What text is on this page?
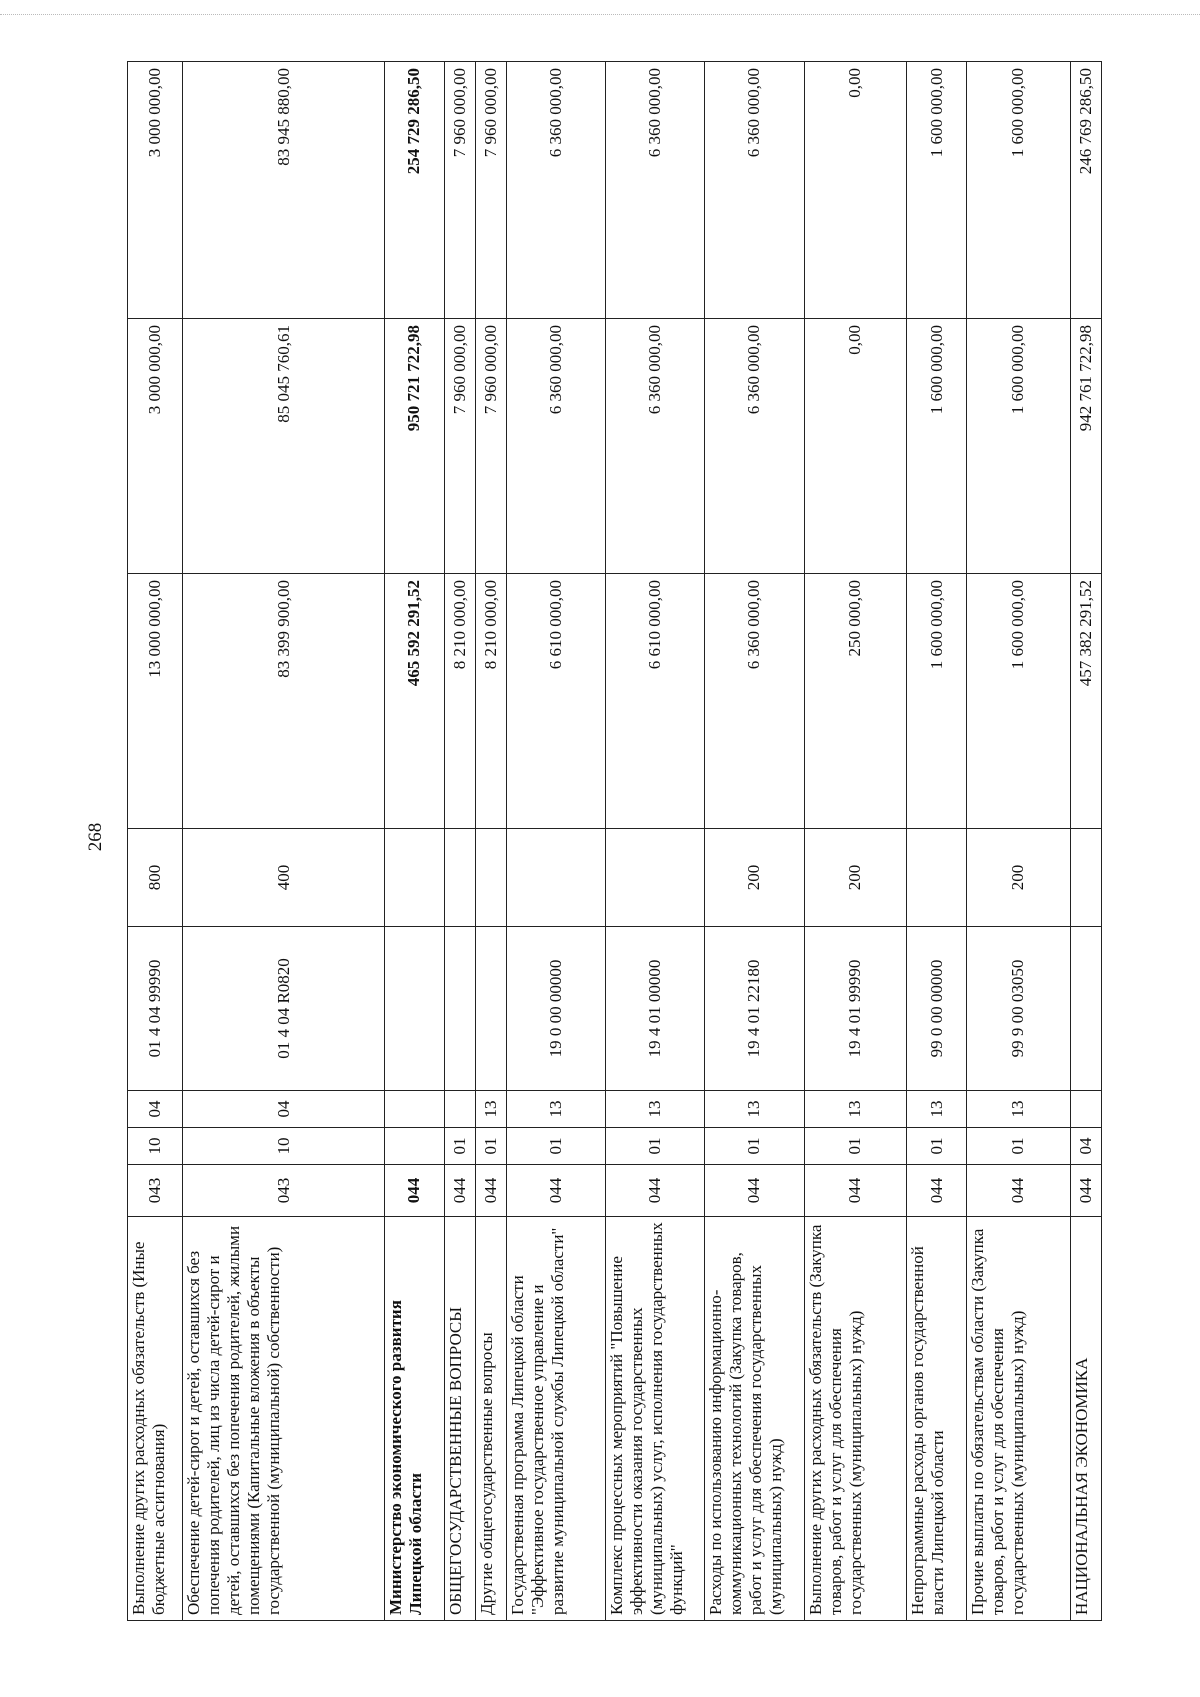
268
Выполнение других расходных обязательств (Иные бюджетные ассигнования)	043	10	04	01 4 04 99990	800	13 000 000,00	3 000 000,00	3 000 000,00
Обеспечение детей-сирот и детей, оставшихся без попечения родителей, лиц из числа детей-сирот и детей, оставшихся без попечения родителей, жилыми помещениями (Капитальные вложения в объекты государственной (муниципальной) собственности)	043	10	04	01 4 04 R0820	400	83 399 900,00	85 045 760,61	83 945 880,00
Министерство экономического развития Липецкой области	044					465 592 291,52	950 721 722,98	254 729 286,50
ОБЩЕГОСУДАРСТВЕННЫЕ ВОПРОСЫ	044	01				8 210 000,00	7 960 000,00	7 960 000,00
Другие общегосударственные вопросы	044	01	13			8 210 000,00	7 960 000,00	7 960 000,00
Государственная программа Липецкой области "Эффективное государственное управление и развитие муниципальной службы Липецкой области"	044	01	13	19 0 00 00000		6 610 000,00	6 360 000,00	6 360 000,00
Комплекс процессных мероприятий "Повышение эффективности оказания государственных (муниципальных) услуг, исполнения государственных функций"	044	01	13	19 4 01 00000		6 610 000,00	6 360 000,00	6 360 000,00
Расходы по использованию информационно-коммуникационных технологий (Закупка товаров, работ и услуг для обеспечения государственных (муниципальных) нужд)	044	01	13	19 4 01 22180	200	6 360 000,00	6 360 000,00	6 360 000,00
Выполнение других расходных обязательств (Закупка товаров, работ и услуг для обеспечения государственных (муниципальных) нужд)	044	01	13	19 4 01 99990	200	250 000,00	0,00	0,00
Непрограммные расходы органов государственной власти Липецкой области	044	01	13	99 0 00 00000		1 600 000,00	1 600 000,00	1 600 000,00
Прочие выплаты по обязательствам области (Закупка товаров, работ и услуг для обеспечения государственных (муниципальных) нужд)	044	01	13	99 9 00 03050	200	1 600 000,00	1 600 000,00	1 600 000,00
НАЦИОНАЛЬНАЯ ЭКОНОМИКА	044	04				457 382 291,52	942 761 722,98	246 769 286,50
